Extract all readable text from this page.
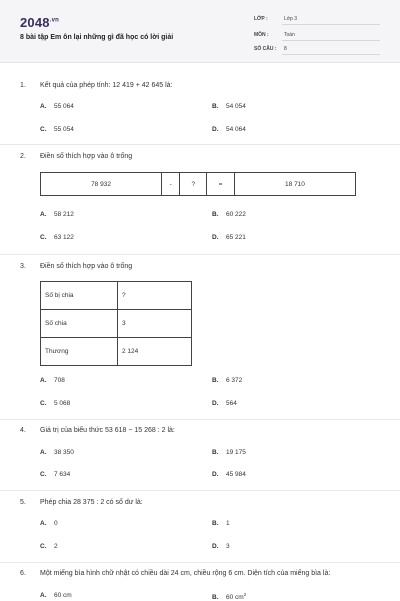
$2048^{.vn}$
8 bài tập Em ôn lại những gì đã học có lời giải
LỚP :	Lớp 3
MÔN :	Toán
SỐ CÂU : 8
1. Kết quả của phép tính: 12 419 + 42 645 là:
A. 55 064	B. 54 054
C. 55 054	D. 54 064
2. Điền số thích hợp vào ô trống
78 932	-	?	=	18 710
A. 58 212	B. 60 222
C. 63 122	D. 65 221
3. Điền số thích hợp vào ô trống
Số bị chia	?
Số chia	3
Thương	2 124
A. 708	B. 6 372
C. 5 068	D. 564
4. Giá trị của biểu thức 53 618 − 15 268 : 2 là:
A. 38 350	B. 19 175
C. 7 634	D. 45 984
5. Phép chia 28 375 : 2 có số dư là:
A. 0	B. 1
C. 2	D. 3
6. Một miếng bìa hình chữ nhật có chiều dài 24 cm, chiều rộng 6 cm. Diện tích của miếng bìa là:
A. 60 cm	B. 60 $cm^2$
